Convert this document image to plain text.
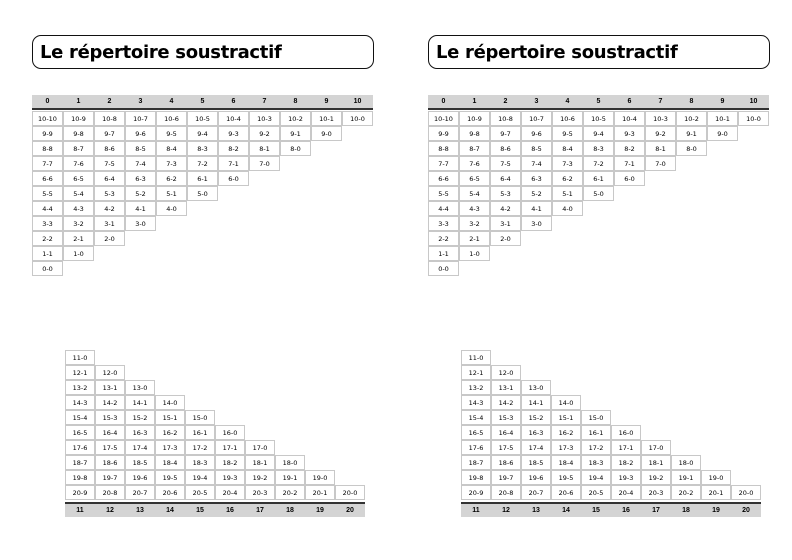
Le répertoire soustractif
0	1	2	3	4	5	6	7	8	9	10
10-10	10-9	10-8	10-7	10-6	10-5	10-4	10-3	10-2	10-1	10-0
9-9	9-8	9-7	9-6	9-5	9-4	9-3	9-2	9-1	9-0
8-8	8-7	8-6	8-5	8-4	8-3	8-2	8-1	8-0
7-7	7-6	7-5	7-4	7-3	7-2	7-1	7-0
6-6	6-5	6-4	6-3	6-2	6-1	6-0
5-5	5-4	5-3	5-2	5-1	5-0
4-4	4-3	4-2	4-1	4-0
3-3	3-2	3-1	3-0
2-2	2-1	2-0
1-1	1-0
0-0
11-0
12-1	12-0
13-2	13-1	13-0
14-3	14-2	14-1	14-0
15-4	15-3	15-2	15-1	15-0
16-5	16-4	16-3	16-2	16-1	16-0
17-6	17-5	17-4	17-3	17-2	17-1	17-0
18-7	18-6	18-5	18-4	18-3	18-2	18-1	18-0
19-8	19-7	19-6	19-5	19-4	19-3	19-2	19-1	19-0
20-9	20-8	20-7	20-6	20-5	20-4	20-3	20-2	20-1	20-0
11	12	13	14	15	16	17	18	19	20
Le répertoire soustractif
0	1	2	3	4	5	6	7	8	9	10
10-10	10-9	10-8	10-7	10-6	10-5	10-4	10-3	10-2	10-1	10-0
9-9	9-8	9-7	9-6	9-5	9-4	9-3	9-2	9-1	9-0
8-8	8-7	8-6	8-5	8-4	8-3	8-2	8-1	8-0
7-7	7-6	7-5	7-4	7-3	7-2	7-1	7-0
6-6	6-5	6-4	6-3	6-2	6-1	6-0
5-5	5-4	5-3	5-2	5-1	5-0
4-4	4-3	4-2	4-1	4-0
3-3	3-2	3-1	3-0
2-2	2-1	2-0
1-1	1-0
0-0
11-0
12-1	12-0
13-2	13-1	13-0
14-3	14-2	14-1	14-0
15-4	15-3	15-2	15-1	15-0
16-5	16-4	16-3	16-2	16-1	16-0
17-6	17-5	17-4	17-3	17-2	17-1	17-0
18-7	18-6	18-5	18-4	18-3	18-2	18-1	18-0
19-8	19-7	19-6	19-5	19-4	19-3	19-2	19-1	19-0
20-9	20-8	20-7	20-6	20-5	20-4	20-3	20-2	20-1	20-0
11	12	13	14	15	16	17	18	19	20
